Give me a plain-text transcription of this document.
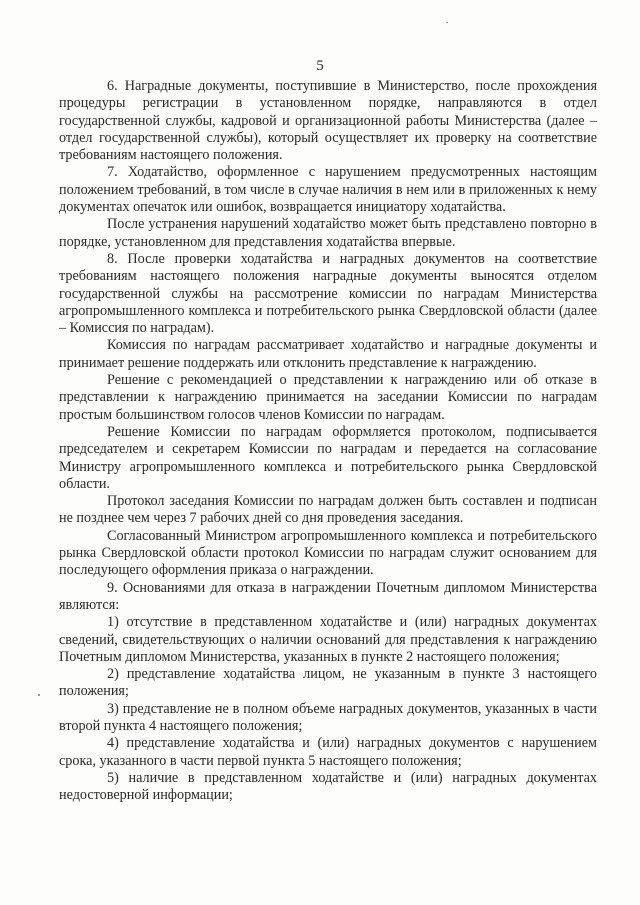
5

6. Наградные документы, поступившие в Министерство, после прохождения процедуры регистрации в установленном порядке, направляются в отдел государственной службы, кадровой и организационной работы Министерства (далее – отдел государственной службы), который осуществляет их проверку на соответствие требованиям настоящего положения.

7. Ходатайство, оформленное с нарушением предусмотренных настоящим положением требований, в том числе в случае наличия в нем или в приложенных к нему документах опечаток или ошибок, возвращается инициатору ходатайства.

После устранения нарушений ходатайство может быть представлено повторно в порядке, установленном для представления ходатайства впервые.

8. После проверки ходатайства и наградных документов на соответствие требованиям настоящего положения наградные документы выносятся отделом государственной службы на рассмотрение комиссии по наградам Министерства агропромышленного комплекса и потребительского рынка Свердловской области (далее – Комиссия по наградам).

Комиссия по наградам рассматривает ходатайство и наградные документы и принимает решение поддержать или отклонить представление к награждению.

Решение с рекомендацией о представлении к награждению или об отказе в представлении к награждению принимается на заседании Комиссии по наградам простым большинством голосов членов Комиссии по наградам.

Решение Комиссии по наградам оформляется протоколом, подписывается председателем и секретарем Комиссии по наградам и передается на согласование Министру агропромышленного комплекса и потребительского рынка Свердловской области.

Протокол заседания Комиссии по наградам должен быть составлен и подписан не позднее чем через 7 рабочих дней со дня проведения заседания.

Согласованный Министром агропромышленного комплекса и потребительского рынка Свердловской области протокол Комиссии по наградам служит основанием для последующего оформления приказа о награждении.

9. Основаниями для отказа в награждении Почетным дипломом Министерства являются:

1) отсутствие в представленном ходатайстве и (или) наградных документах сведений, свидетельствующих о наличии оснований для представления к награждению Почетным дипломом Министерства, указанных в пункте 2 настоящего положения;

2) представление ходатайства лицом, не указанным в пункте 3 настоящего положения;

3) представление не в полном объеме наградных документов, указанных в части второй пункта 4 настоящего положения;

4) представление ходатайства и (или) наградных документов с нарушением срока, указанного в части первой пункта 5 настоящего положения;

5) наличие в представленном ходатайстве и (или) наградных документах недостоверной информации;
